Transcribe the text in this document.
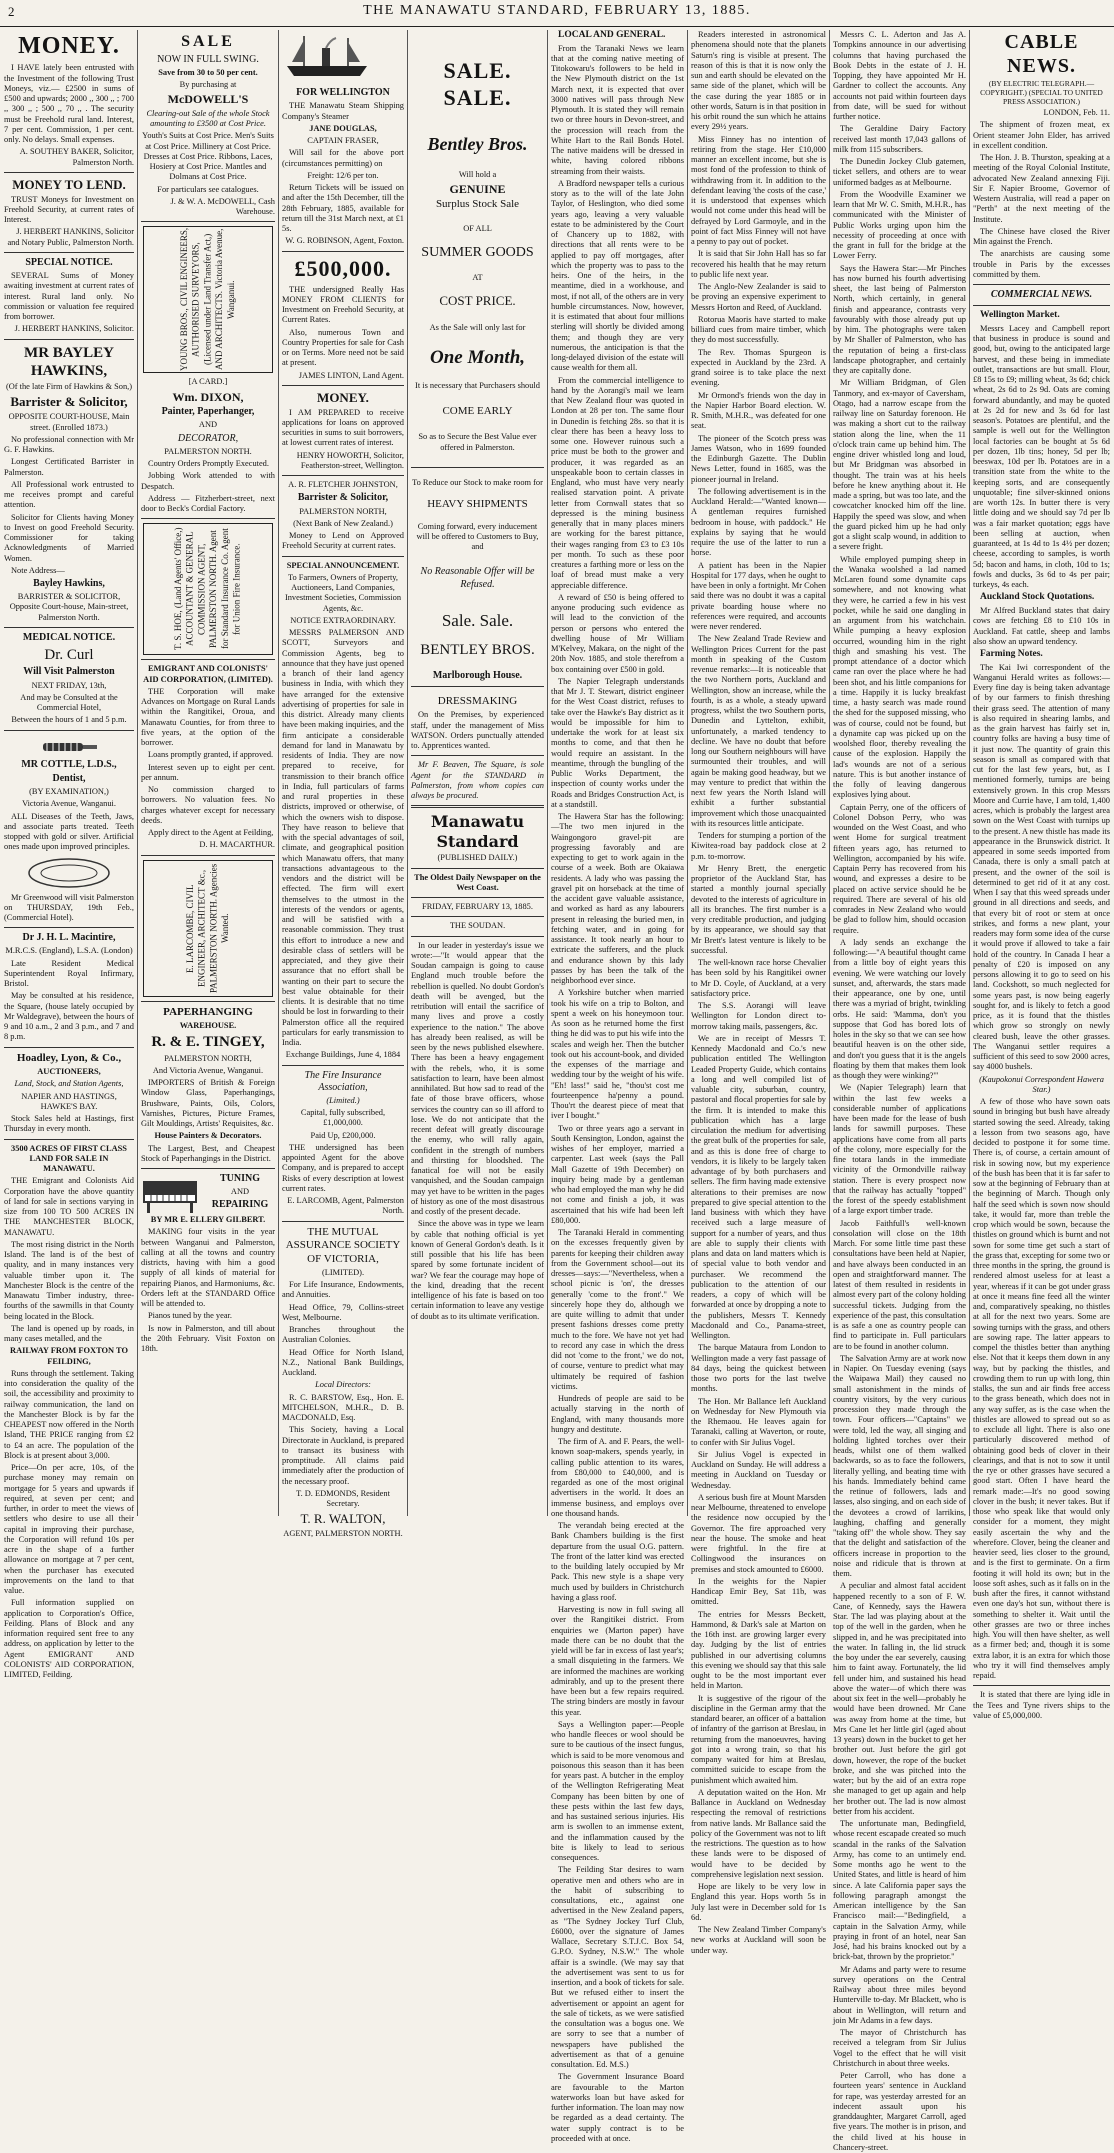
2	THE MANAWATU STANDARD, FEBRUARY 13, 1885.
MONEY.

I HAVE lately been entrusted with the Investment of the following Trust Moneys, viz.— £2500 in sums of £500 and upwards; 2000 ,, 300 ,, ; 700 ,, 300 ,, ; 500 ,, 70 ,, . The security must be Freehold rural land. Interest, 7 per cent. Commission, 1 per cent. only. No delays. Small expenses.

A. SOUTHEY BAKER, Solicitor, Palmerston North.

MONEY TO LEND.

TRUST Moneys for Investment on Freehold Security, at current rates of Interest.

J. HERBERT HANKINS, Solicitor and Notary Public, Palmerston North.

SPECIAL NOTICE.

SEVERAL Sums of Money awaiting investment at current rates of interest. Rural land only. No commission or valuation fee required from borrower.

J. HERBERT HANKINS, Solicitor.

MR BAYLEY HAWKINS,

(Of the late Firm of Hawkins & Son,)

Barrister & Solicitor,

OPPOSITE COURT-HOUSE, Main street. (Enrolled 1873.)

No professional connection with Mr G. F. Hawkins.

Longest Certificated Barrister in Palmerston.

All Professional work entrusted to me receives prompt and careful attention.

Solicitor for Clients having Money to Invest on good Freehold Security. Commissioner for taking Acknowledgments of Married Women.

Note Address—

Bayley Hawkins,

BARRISTER & SOLICITOR, Opposite Court-house, Main-street, Palmerston North.

MEDICAL NOTICE.
Dr. Curl
Will Visit Palmerston

NEXT FRIDAY, 13th,

And may be Consulted at the Commercial Hotel,

Between the hours of 1 and 5 p.m.

MR COTTLE, L.D.S.,
Dentist,

(BY EXAMINATION,)

Victoria Avenue, Wanganui.

ALL Diseases of the Teeth, Jaws, and associate parts treated. Teeth stopped with gold or silver. Artificial ones made upon improved principles.

Mr Greenwood will visit Palmerston on THURSDAY, 19th Feb., (Commercial Hotel).

Dr J. H. L. Macintire,

M.R.C.S. (England), L.S.A. (London)

Late Resident Medical Superintendent Royal Infirmary, Bristol.

May be consulted at his residence, the Square, (house lately occupied by Mr Waldegrave), between the hours of 9 and 10 a.m., 2 and 3 p.m., and 7 and 8 p.m.

Hoadley, Lyon, & Co.,

AUCTIONEERS,

Land, Stock, and Station Agents,

NAPIER AND HASTINGS, HAWKE'S BAY.

Stock Sales held at Hastings, first Thursday in every month.

3500 ACRES OF FIRST CLASS LAND FOR SALE IN MANAWATU.

THE Emigrant and Colonists Aid Corporation have the above quantity of land for sale in sections varying in size from 100 TO 500 ACRES IN THE MANCHESTER BLOCK, MANAWATU.

The most rising district in the North Island. The land is of the best of quality, and in many instances very valuable timber upon it. The Manchester Block is the centre of the Manawatu Timber industry, three-fourths of the sawmills in that County being located in the Block.

The land is opened up by roads, in many cases metalled, and the

RAILWAY FROM FOXTON TO FEILDING,

Runs through the settlement. Taking into consideration the quality of the soil, the accessibility and proximity to railway communication, the land on the Manchester Block is by far the CHEAPEST now offered in the North Island, THE PRICE ranging from £2 to £4 an acre. The population of the Block is at present about 3,000.

Price—On per acre, 10s, of the purchase money may remain on mortgage for 5 years and upwards if required, at seven per cent; and further, in order to meet the views of settlers who desire to use all their capital in improving their purchase, the Corporation will refund 10s per acre in the shape of a further allowance on mortgage at 7 per cent, when the purchaser has executed improvements on the land to that value.

Full information supplied on application to Corporation's Office, Feilding. Plans of Block and any information required sent free to any address, on application by letter to the Agent EMIGRANT AND COLONISTS' AID CORPORATION, LIMITED, Feilding.

SALE

NOW IN FULL SWING.

Save from 30 to 50 per cent.

By purchasing at

McDOWELL'S

Clearing-out Sale of the whole Stock amounting to £3500 at Cost Price.

Youth's Suits at Cost Price. Men's Suits at Cost Price. Millinery at Cost Price. Dresses at Cost Price. Ribbons, Laces, Hosiery at Cost Price. Mantles and Dolmans at Cost Price.

For particulars see catalogues.

J. & W. A. McDOWELL, Cash Warehouse.

YOUNG BROS., CIVIL ENGINEERS, AUTHORISED SURVEYORS, (Licensed under Land Transfer Act,) AND ARCHITECTS. Victoria Avenue, Wanganui.

[A CARD.]

Wm. DIXON,
Painter, Paperhanger,

AND

DECORATOR,

PALMERSTON NORTH.

Country Orders Promptly Executed.

Jobbing Work attended to with Despatch.

Address — Fitzherbert-street, next door to Beck's Cordial Factory.

T. S. HOE, (Land Agents' Office,) ACCOUNTANT & GENERAL COMMISSION AGENT, PALMERSTON NORTH. Agent for Standard Insurance Co. Agent for Union Fire Insurance.

EMIGRANT AND COLONISTS' AID CORPORATION, (LIMITED).

THE Corporation will make Advances on Mortgage on Rural Lands within the Rangitikei, Oroua, and Manawatu Counties, for from three to five years, at the option of the borrower.

Loans promptly granted, if approved.

Interest seven up to eight per cent. per annum.

No commission charged to borrowers. No valuation fees. No charges whatever except for necessary deeds.

Apply direct to the Agent at Feilding,

D. H. MACARTHUR.

E. LARCOMBE, CIVIL ENGINEER, ARCHITECT &c., PALMERSTON NORTH. Agencies Wanted.
PAPERHANGING

WAREHOUSE.

R. & E. TINGEY,

PALMERSTON NORTH,

And Victoria Avenue, Wanganui.

IMPORTERS of British & Foreign Window Glass, Paperhangings, Brushware, Paints, Oils, Colors, Varnishes, Pictures, Picture Frames, Gilt Mouldings, Artists' Requisites, &c.

House Painters & Decorators.

The Largest, Best, and Cheapest Stock of Paperhangings in the District.

TUNING

AND

REPAIRING

BY MR E. ELLERY GILBERT.

MAKING four visits in the year between Wanganui and Palmerston, calling at all the towns and country districts, having with him a good supply of all kinds of material for repairing Pianos, and Harmoniums, &c. Orders left at the STANDARD Office will be attended to.

Pianos tuned by the year.

Is now in Palmerston, and till about the 20th February. Visit Foxton on 18th.

FOR WELLINGTON

THE Manawatu Steam Shipping Company's Steamer

JANE DOUGLAS,

CAPTAIN FRASER,

Will sail for the above port (circumstances permitting) on

Freight: 12/6 per ton.

Return Tickets will be issued on and after the 15th December, till the 28th February, 1885, available for return till the 31st March next, at £1 5s.

W. G. ROBINSON, Agent, Foxton.

£500,000.

THE undersigned Really Has MONEY FROM CLIENTS for Investment on Freehold Security, at Current Rates.

Also, numerous Town and Country Properties for sale for Cash or on Terms. More need not be said at present.

JAMES LINTON, Land Agent.

MONEY.

I AM PREPARED to receive applications for loans on approved securities in sums to suit borrowers, at lowest current rates of interest.

HENRY HOWORTH, Solicitor, Featherston-street, Wellington.

A. R. FLETCHER JOHNSTON,

Barrister & Solicitor,

PALMERSTON NORTH,

(Next Bank of New Zealand.)

Money to Lend on Approved Freehold Security at current rates.

SPECIAL ANNOUNCEMENT.

To Farmers, Owners of Property, Auctioneers, Land Companies, Investment Societies, Commission Agents, &c.

NOTICE EXTRAORDINARY.

MESSRS PALMERSON AND SCOTT, Surveyors and Commission Agents, beg to announce that they have just opened a branch of their land agency business in India, with which they have arranged for the extensive advertising of properties for sale in this district. Already many clients have been making inquiries, and the firm anticipate a considerable demand for land in Manawatu by residents of India. They are now prepared to receive, for transmission to their branch office in India, full particulars of farms and rural properties in these districts, improved or otherwise, of which the owners wish to dispose. They have reason to believe that with the special advantages of soil, climate, and geographical position which Manawatu offers, that many transactions advantageous to the vendors and the district will be effected. The firm will exert themselves to the utmost in the interests of the vendors or agents, and will be satisfied with a reasonable commission. They trust this effort to introduce a new and desirable class of settlers will be appreciated, and they give their assurance that no effort shall be wanting on their part to secure the best value obtainable for their clients. It is desirable that no time should be lost in forwarding to their Palmerston office all the required particulars for early transmission to India.

Exchange Buildings, June 4, 1884

The Fire Insurance Association,

(Limited.)

Capital, fully subscribed, £1,000,000.

Paid Up, £200,000.

THE undersigned has been appointed Agent for the above Company, and is prepared to accept Risks of every description at lowest current rates.

E. LARCOMB, Agent, Palmerston North.

THE MUTUAL ASSURANCE SOCIETY OF VICTORIA,

(LIMITED).

For Life Insurance, Endowments, and Annuities.

Head Office, 79, Collins-street West, Melbourne.

Branches throughout the Australian Colonies.

Head Office for North Island, N.Z., National Bank Buildings, Auckland.

Local Directors:

R. C. BARSTOW, Esq., Hon. E. MITCHELSON, M.H.R., D. B. MACDONALD, Esq.

This Society, having a Local Directorate in Auckland, is prepared to transact its business with promptitude. All claims paid immediately after the production of the necessary proof.

T. D. EDMONDS, Resident Secretary.

T. R. WALTON,

AGENT, PALMERSTON NORTH.

SALE. SALE.
Bentley Bros.

Will hold a

GENUINE

Surplus Stock Sale

OF ALL

SUMMER GOODS

AT

COST PRICE.

As the Sale will only last for

One Month,

It is necessary that Purchasers should

COME EARLY

So as to Secure the Best Value ever offered in Palmerston.

To Reduce our Stock to make room for

HEAVY SHIPMENTS

Coming forward, every inducement will be offered to Customers to Buy, and

No Reasonable Offer will be Refused.

Sale. Sale.
BENTLEY BROS.
Marlborough House.
DRESSMAKING

On the Premises, by experienced staff, under the management of Miss WATSON. Orders punctually attended to. Apprentices wanted.

Mr F. Beaven, The Square, is sole Agent for the STANDARD in Palmerston, from whom copies can always be procured.

Manawatu Standard

(PUBLISHED DAILY.)

The Oldest Daily Newspaper on the West Coast.

FRIDAY, FEBRUARY 13, 1885.

THE SOUDAN.

In our leader in yesterday's issue we wrote:—"It would appear that the Soudan campaign is going to cause England much trouble before the rebellion is quelled. No doubt Gordon's death will be avenged, but the retribution will entail the sacrifice of many lives and prove a costly experience to the nation." The above has already been realised, as will be seen by the news published elsewhere. There has been a heavy engagement with the rebels, who, it is some satisfaction to learn, have been almost annihilated. But how sad to read of the fate of those brave officers, whose services the country can so ill afford to lose. We do not anticipate that the recent defeat will greatly discourage the enemy, who will rally again, confident in the strength of numbers and thirsting for bloodshed. The fanatical foe will not be easily vanquished, and the Soudan campaign may yet have to be written in the pages of history as one of the most disastrous and costly of the present decade.

Since the above was in type we learn by cable that nothing official is yet known of General Gordon's death. Is it still possible that his life has been spared by some fortunate incident of war? We fear the courage may hope of the kind, dreading that the recent intelligence of his fate is based on too certain information to leave any vestige of doubt as to its ultimate verification.

LOCAL AND GENERAL.

From the Taranaki News we learn that at the coming native meeting of Titokowaru's followers to be held in the New Plymouth district on the 1st March next, it is expected that over 3000 natives will pass through New Plymouth. It is stated they will remain two or three hours in Devon-street, and the procession will reach from the White Hart to the Rail Bonds Hotel. The native maidens will be dressed in white, having colored ribbons streaming from their waists.

A Bradford newspaper tells a curious story as to the will of the late John Taylor, of Heslington, who died some years ago, leaving a very valuable estate to be administered by the Court of Chancery up to 1882, with directions that all rents were to be applied to pay off mortgages, after which the property was to pass to the heirs. One of the heirs, in the meantime, died in a workhouse, and most, if not all, of the others are in very humble circumstances. Now, however, it is estimated that about four millions sterling will shortly be divided among them; and though they are very numerous, the anticipation is that the long-delayed division of the estate will cause wealth for them all.

From the commercial intelligence to hand by the Aorangi's mail we learn that New Zealand flour was quoted in London at 28 per ton. The same flour in Dunedin is fetching 28s. so that it is clear there has been a heavy loss to some one. However ruinous such a price must be both to the grower and producer, it was regarded as an unspeakable boon to certain classes in England, who must have very nearly realised starvation point. A private letter from Cornwall states that so depressed is the mining business generally that in many places miners are working for the barest pittance, their wages ranging from £3 to £3 10s per month. To such as these poor creatures a farthing more or less on the loaf of bread must make a very appreciable difference.

A reward of £50 is being offered to anyone producing such evidence as will lead to the conviction of the person or persons who entered the dwelling house of Mr William M'Kelvey, Makara, on the night of the 20th Nov. 1885, and stole therefrom a box containing over £500 in gold.

The Napier Telegraph understands that Mr J. T. Stewart, district engineer for the West Coast district, refuses to take over the Hawke's Bay district as it would be impossible for him to undertake the work for at least six months to come, and that then he would require an assistant. In the meantime, through the bungling of the Public Works Department, the inspection of county works under the Roads and Bridges Construction Act, is at a standstill.

The Hawera Star has the following:—The two men injured in the Waingongoro gravel-pit are progressing favorably and are expecting to get to work again in the course of a week. Both are Okaiawa residents. A lady who was passing the gravel pit on horseback at the time of the accident gave valuable assistance, and worked as hard as any labourers present in releasing the buried men, in fetching water, and in going for assistance. It took nearly an hour to extricate the sufferers, and the pluck and endurance shown by this lady passes by has been the talk of the neighborhood ever since.

A Yorkshire butcher when married took his wife on a trip to Bolton, and spent a week on his honeymoon tour. As soon as he returned home the first thing he did was to put his wife into the scales and weigh her. Then the butcher took out his account-book, and divided the expenses of the marriage and wedding tour by the weight of his wife. "Eh! lass!" said he, "thou'st cost me fourteenpence ha'penny a pound. Thou'rt the dearest piece of meat that iver I bought."

Two or three years ago a servant in South Kensington, London, against the wishes of her employer, married a carpenter. Last week (says the Pall Mall Gazette of 19th December) on inquiry being made by a gentleman who had employed the man why he did not come and finish a job, it was ascertained that his wife had been left £80,000.

The Taranaki Herald in commenting on the excesses frequently given by parents for keeping their children away from the Government school—out its dresses—says:—"Nevertheless, when a school picnic is 'on', the dresses generally 'come to the front'." We sincerely hope they do, although we are quite willing to admit that under present fashions dresses come pretty much to the fore. We have not yet had to record any case in which the dress did not 'come to the front,' we do not, of course, venture to predict what may ultimately be required of fashion victims.

Hundreds of people are said to be actually starving in the north of England, with many thousands more hungry and destitute.

The firm of A. and F. Pears, the well-known soap-makers, spends yearly, in calling public attention to its wares, from £80,000 to £40,000, and is regarded as one of the most original advertisers in the world. It does an immense business, and employs over one thousand hands.

The verandah being erected at the Bank Chambers building is the first departure from the usual O.G. pattern. The front of the latter kind was erected to the building lately occupied by Mr Pack. This new style is a shape very much used by builders in Christchurch having a glass roof.

Harvesting is now in full swing all over the Rangitikei district. From enquiries we (Marton paper) have made there can be no doubt that the yield will be far in excess of last year's; a small disquieting in the farmers. We are informed the machines are working admirably, and up to the present there have been but a few repairs required. The string binders are mostly in favour this year.

Says a Wellington paper:—People who handle fleeces or wool should be sure to be cautious of the insect fungus, which is said to be more venomous and poisonous this season than it has been for years past. A butcher in the employ of the Wellington Refrigerating Meat Company has been bitten by one of these pests within the last few days, and has sustained serious injuries. His arm is swollen to an immense extent, and the inflammation caused by the bite is likely to lead to serious consequences.

The Feilding Star desires to warn operative men and others who are in the habit of subscribing to consultations, etc., against one advertised in the New Zealand papers, as "The Sydney Jockey Turf Club, £6000, over the signature of James Wallace, Secretary S.T.J.C. Box 54, G.P.O. Sydney, N.S.W." The whole affair is a swindle. (We may say that the advertisement was sent to us for insertion, and a book of tickets for sale. But we refused either to insert the advertisement or appoint an agent for the sale of tickets, as we were satisfied the consultation was a bogus one. We are sorry to see that a number of newspapers have published the advertisement as that of a genuine consultation. Ed. M.S.)

The Government Insurance Board are favourable to the Marton waterworks loan but have asked for further information. The loan may now be regarded as a dead certainty. The water supply contract is to be proceeded with at once.

Readers interested in astronomical phenomena should note that the planets Saturn's ring is visible at present. The reason of this is that it is now only the sun and earth should be elevated on the same side of the planet, which will be the case during the year 1885 or in other words, Saturn is in that position in his orbit round the sun which he attains every 29½ years.

Miss Finney has no intention of retiring from the stage. Her £10,000 manner an excellent income, but she is most fond of the profession to think of withdrawing from it. In addition to the defendant leaving 'the costs of the case,' it is understood that expenses which would not come under this head will be defrayed by Lord Garmoyle, and in the point of fact Miss Finney will not have a penny to pay out of pocket.

It is said that Sir John Hall has so far recovered his health that he may return to public life next year.

The Anglo-New Zealander is said to be proving an expensive experiment to Messrs Horton and Reed, of Auckland.

Rotorua Maoris have started to make billiard cues from maire timber, which they do most successfully.

The Rev. Thomas Spurgeon is expected in Auckland by the 23rd. A grand soiree is to take place the next evening.

Mr Ormond's friends won the day in the Napier Harbor Board election. W. R. Smith, M.H.R., was defeated for one seat.

The pioneer of the Scotch press was James Watson, who in 1699 founded the Edinburgh Gazette. The Dublin News Letter, found in 1685, was the pioneer journal in Ireland.

The following advertisement is in the Auckland Herald:—"Wanted known—A gentleman requires furnished bedroom in house, with paddock." He explains by saying that he would require the use of the latter to run a horse.

A patient has been in the Napier Hospital for 177 days, when he ought to have been in only a fortnight. Mr Cohen said there was no doubt it was a capital private boarding house where no references were required, and accounts were never rendered.

The New Zealand Trade Review and Wellington Prices Current for the past month in speaking of the Custom revenue remarks:—It is noticeable that the two Northern ports, Auckland and Wellington, show an increase, while the fourth, is as a whole, a steady upward progress, whilst the two Southern ports, Dunedin and Lyttelton, exhibit, unfortunately, a marked tendency to decline. We have no doubt that before long our Southern neighbours will have surmounted their troubles, and will again be making good headway, but we may venture to predict that within the next few years the North Island will exhibit a further substantial improvement which those unacquainted with its resources little anticipate.

Tenders for stumping a portion of the Kiwitea-road bay paddock close at 2 p.m. to-morrow.

Mr Henry Brett, the energetic proprietor of the Auckland Star, has started a monthly journal specially devoted to the interests of agriculture in all its branches. The first number is a very creditable production, and judging by its appearance, we should say that Mr Brett's latest venture is likely to be successful.

The well-known race horse Chevalier has been sold by his Rangitikei owner to Mr D. Coyle, of Auckland, at a very satisfactory price.

The S.S. Aorangi will leave Wellington for London direct to-morrow taking mails, passengers, &c.

We are in receipt of Messrs T. Kennedy Macdonald and Co.'s new publication entitled The Wellington Leaded Property Guide, which contains a long and well compiled list of valuable city, suburban, country, pastoral and flocal properties for sale by the firm. It is intended to make this publication which has a large circulation the medium for advertising the great bulk of the properties for sale, and as this is done free of charge to vendors, it is likely to be largely taken advantage of by both purchasers and sellers. The firm having made extensive alterations to their premises are now prepared to give special attention to the land business with which they have received such a large measure of support for a number of years, and thus are able to supply their clients with plans and data on land matters which is of special value to both vendor and purchaser. We recommend the publication to the attention of our readers, a copy of which will be forwarded at once by dropping a note to the publishers, Messrs T. Kennedy Macdonald and Co., Panama-street, Wellington.

The barque Mataura from London to Wellington made a very fast passage of 84 days, being the quickest between those two ports for the last twelve months.

The Hon. Mr Ballance left Auckland on Wednesday for New Plymouth via the Rhemaou. He leaves again for Taranaki, calling at Waverton, or route, to confer with Sir Julius Vogel.

Sir Julius Vogel is expected in Auckland on Sunday. He will address a meeting in Auckland on Tuesday or Wednesday.

A serious bush fire at Mount Marsden near Melbourne, threatened to envelope the residence now occupied by the Governor. The fire approached very near the house. The smoke and heat were frightful. In the fire at Collingwood the insurances on premises and stock amounted to £6000.

In the weights for the Napier Handicap Emir Bey, Sat 11b, was omitted.

The entries for Messrs Beckett, Hammond, & Dark's sale at Marton on the 16th inst. are growing larger every day. Judging by the list of entries published in our advertising columns this evening we should say that this sale ought to be the most important ever held in Marton.

It is suggestive of the rigour of the discipline in the German army that the standard bearer, an officer of a battalion of infantry of the garrison at Breslau, in returning from the manoeuvres, having got into a wrong train, so that his company waited for him at Breslau, committed suicide to escape from the punishment which awaited him.

A deputation waited on the Hon. Mr Ballance in Auckland on Wednesday respecting the removal of restrictions from native lands. Mr Ballance said the policy of the Government was not to lift the restrictions. The question as to how these lands were to be disposed of would have to be decided by comprehensive legislation next session.

Hope are likely to be very low in England this year. Hops worth 5s in July last were in December sold for 1s 6d.

The New Zealand Timber Company's new works at Auckland will soon be under way.

Messrs C. L. Aderton and Jas A. Tompkins announce in our advertising columns that having purchased the Book Debts in the estate of J. H. Topping, they have appointed Mr H. Gardner to collect the accounts. Any accounts not paid within fourteen days from date, will be sued for without further notice.

The Geraldine Dairy Factory received last month 17,043 gallons of milk from 115 subscribers.

The Dunedin Jockey Club gatemen, ticket sellers, and others are to wear uniformed badges as at Melbourne.

From the Woodville Examiner we learn that Mr W. C. Smith, M.H.R., has communicated with the Minister of Public Works urging upon him the necessity of proceeding at once with the grant in full for the bridge at the Lower Ferry.

Says the Hawera Star:—Mr Pinches has now burned his fourth advertising sheet, the last being of Palmerston North, which certainly, in general finish and appearance, contrasts very favourably with those already put up by him. The photographs were taken by Mr Shaller of Palmerston, who has the reputation of being a first-class landscape photographer, and certainly they are capitally done.

Mr William Bridgman, of Glen Tanmory, and ex-mayor of Caversham, Otago, had a narrow escape from the railway line on Saturday forenoon. He was making a short cut to the railway station along the line, when the 11 o'clock train came up behind him. The engine driver whistled long and loud, but Mr Bridgman was absorbed in thought. The train was at his heels before he knew anything about it. He made a spring, but was too late, and the cowcatcher knocked him off the line. Happily the speed was slow, and when the guard picked him up he had only got a slight scalp wound, in addition to a severe fright.

While employed pumping sheep in the Wanaka woolshed a lad named McLaren found some dynamite caps somewhere, and not knowing what they were, he carried a few in his vest pocket, while he said one dangling in an argument from his watchchain. While pumping a heavy explosion occurred, wounding him in the right thigh and smashing his vest. The prompt attendance of a doctor which came ran over the place where he had been shot, and his little companions for a time. Happily it is lucky breakfast time, a hasty search was made round the shed for the supposed missing, who was of course, could not be found, but a dynamite cap was picked up on the woolshed floor, thereby revealing the cause of the explosion. Happily the lad's wounds are not of a serious nature. This is but another instance of the folly of leaving dangerous explosives lying about.

Captain Perry, one of the officers of Colonel Dobson Perry, who was wounded on the West Coast, and who went Home for surgical treatment fifteen years ago, has returned to Wellington, accompanied by his wife. Captain Perry has recovered from his wound, and expresses a desire to be placed on active service should he be required. There are several of his old comrades in New Zealand who would be glad to follow him, should occasion require.

A lady sends an exchange the following:—"A beautiful thought came from a little boy of eight years this evening. We were watching our lovely sunset, and, afterwards, the stars made their appearance, one by one, until there was a myriad of bright, twinkling orbs. He said: 'Mamma, don't you suppose that God has bored lots of holes in the sky so that we can see how beautiful heaven is on the other side, and don't you guess that it is the angels floating by them that makes them look as though they were winking?'"

We (Napier Telegraph) learn that within the last few weeks a considerable number of applications have been made for the lease of bush lands for sawmill purposes. These applications have come from all parts of the colony, more especially for the fine totara lands in the immediate vicinity of the Ormondville railway station. There is every prospect now that the railway has actually "topped" the forest of the speedy establishment of a large export timber trade.

Jacob Faithfull's well-known consolation will close on the 18th March. For some little time past these consultations have been held at Napier, and have always been conducted in an open and straightforward manner. The latest of them resulted in residents in almost every part of the colony holding successful tickets. Judging from the experience of the past, this consultation is as safe a one as country people can find to participate in. Full particulars are to be found in another column.

The Salvation Army are at work now in Napier. On Tuesday evening (says the Waipawa Mail) they caused no small astonishment in the minds of country visitors, by the very curious procession they made through the town. Four officers—"Captains" we were told, led the way, all singing and holding lighted torches over their heads, whilst one of them walked backwards, so as to face the followers, literally yelling, and beating time with his hands. Immediately behind came the retinue of followers, lads and lasses, also singing, and on each side of the devotees a crowd of larrikins, laughing, chaffing and generally "taking off" the whole show. They say that the delight and satisfaction of the officers increase in proportion to the noise and ridicule that is thrown at them.

A peculiar and almost fatal accident happened recently to a son of F. W. Cane, of Kennedy, says the Hawera Star. The lad was playing about at the top of the well in the garden, when he slipped in, and he was precipitated into the water. In falling in, the lid struck the boy under the ear severely, causing him to faint away. Fortunately, the lid fell under him, and sustained his head above the water—of which there was about six feet in the well—probably he would have been drowned. Mr Cane was away from home at the time, but Mrs Cane let her little girl (aged about 13 years) down in the bucket to get her brother out. Just before the girl got down, however, the rope of the bucket broke, and she was pitched into the water; but by the aid of an extra rope she managed to get up again and help her brother out. The lad is now almost better from his accident.

The unfortunate man, Bedingfield, whose recent escapade created so much scandal in the ranks of the Salvation Army, has come to an untimely end. Some months ago he went to the United States, and little is heard of him since. A late California paper says the following paragraph amongst the American intelligence by the San Francisco mail:—"Bedingfield, a captain in the Salvation Army, while praying in front of an hotel, near San José, had his brains knocked out by a brick-bat, thrown by the proprietor."

Mr Adams and party were to resume survey operations on the Central Railway about three miles beyond Hunterville to-day. Mr Blackett, who is about in Wellington, will return and join Mr Adams in a few days.

The mayor of Christchurch has received a telegram from Sir Julius Vogel to the effect that he will visit Christchurch in about three weeks.

Peter Carroll, who has done a fourteen years' sentence in Auckland for rape, was yesterday arrested for an indecent assault upon his granddaughter, Margaret Carroll, aged five years. The mother is in prison, and the child lived at his house in Chancery-street.

CABLE NEWS.

(BY ELECTRIC TELEGRAPH.—COPYRIGHT.) (SPECIAL TO UNITED PRESS ASSOCIATION.)

LONDON, Feb. 11.

The shipment of frozen meat, ex Orient steamer John Elder, has arrived in excellent condition.

The Hon. J. B. Thurston, speaking at a meeting of the Royal Colonial Institute, advocated New Zealand annexing Fiji. Sir F. Napier Broome, Governor of Western Australia, will read a paper on "Perth" at the next meeting of the Institute.

The Chinese have closed the River Min against the French.

The anarchists are causing some trouble in Paris by the excesses committed by them.

COMMERCIAL NEWS.

Wellington Market.

Messrs Lacey and Campbell report that business in produce is sound and good, but, owing to the anticipated large harvest, and these being in immediate outlet, transactions are but small. Flour, £8 15s to £9; milling wheat, 3s 6d; chick wheat, 2s 6d to 2s 9d. Oats are coming forward abundantly, and may be quoted at 2s 2d for new and 3s 6d for last season's. Potatoes are plentiful, and the sample is well out for the Wellington local factories can be bought at 5s 6d per dozen, 1lb tins; honey, 5d per lb; beeswax, 10d per lb. Potatoes are in a transition state from the white to the keeping sorts, and are consequently unquotable; fine silver-skinned onions are worth 12s. In butter there is very little doing and we should say 7d per lb was a fair market quotation; eggs have been selling at auction, when guaranteed, at 1s 4d to 1s 4½ per dozen; cheese, according to samples, is worth 5d; bacon and hams, in cloth, 10d to 1s; fowls and ducks, 3s 6d to 4s per pair; turkeys, 4s each.

Auckland Stock Quotations.

Mr Alfred Buckland states that dairy cows are fetching £8 to £10 10s in Auckland. Fat cattle, sheep and lambs also show an upward tendency.

Farming Notes.

The Kai Iwi correspondent of the Wanganui Herald writes as follows:—Every fine day is being taken advantage of by our farmers to finish threshing their grass seed. The attention of many is also required in shearing lambs, and as the grain harvest has fairly set in, country folks are having a busy time of it just now. The quantity of grain this season is small as compared with that cut for the last few years, but, as I mentioned formerly, turnips are being extensively grown. In this crop Messrs Moore and Currie have, I am told, 1,400 acres, which is probably the largest area sown on the West Coast with turnips up to the present. A new thistle has made its appearance in the Brunswick district. It appeared in some seeds imported from Canada, there is only a small patch at present, and the owner of the soil is determined to get rid of it at any cost. When I say that this weed spreads under ground in all directions and seeds, and that every bit of root or stem at once strikes, and forms a new plant, your readers may form some idea of the curse it would prove if allowed to take a fair hold of the country. In Canada I hear a penalty of £20 is imposed on any persons allowing it to go to seed on his land. Cockshott, so much neglected for some years past, is now being eagerly sought for, and is likely to fetch a good price, as it is found that the thistles which grow so strongly on newly cleared bush, leave the other grasses. The Wanganui settler requires a sufficient of this seed to sow 2000 acres, say 4000 bushels.

(Kaupokonui Correspondent Hawera Star.)

A few of those who have sown oats sound in bringing but bush have already started sowing the seed. Already, taking a lesson from two seasons ago, have decided to postpone it for some time. There is, of course, a certain amount of risk in sowing now, but my experience of the bush has been that it is far safer to sow at the beginning of February than at the beginning of March. Though only half the seed which is sown now should take, it would far, more than treble the crop which would be sown, because the thistles on ground which is burnt and not sown for some time get such a start of the grass that, excepting for some two or three months in the spring, the ground is rendered almost useless for at least a year, whereas if it can be got under grass at once it means fine feed all the winter and, comparatively speaking, no thistles at all for the next two years. Some are sowing turnips with the grass, and others are sowing rape. The latter appears to compel the thistles better than anything else. Not that it keeps them down in any way, but by packing the thistles, and crowding them to run up with long, thin stalks, the sun and air finds free access to the grass beneath, which does not in any way suffer, as is the case when the thistles are allowed to spread out so as to exclude all light. There is also one particularly discovered method of obtaining good beds of clover in their clearings, and that is not to sow it until the rye or other grasses have secured a good start. Often I have heard the remark made:—It's no good sowing clover in the bush; it never takes. But if those who speak like that would only consider for a moment, they might easily ascertain the why and the wherefore. Clover, being the cleaner and heavier seed, lies closer to the ground, and is the first to germinate. On a firm footing it will hold its own; but in the loose soft ashes, such as it falls on in the bush after the fires, it cannot withstand even one day's hot sun, without there is something to shelter it. Wait until the other grasses are two or three inches high. You will then have shelter, as well as a firmer bed; and, though it is some extra labor, it is an extra for which those who try it will find themselves amply repaid.

It is stated that there are lying idle in the Tees and Tyne rivers ships to the value of £5,000,000.
